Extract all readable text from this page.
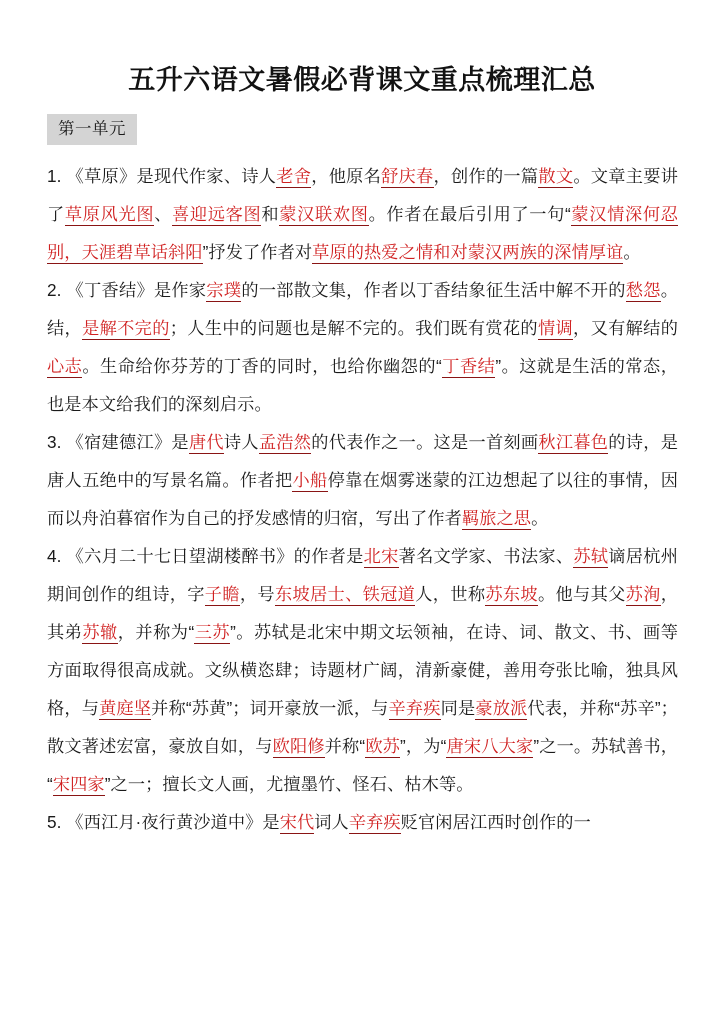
五升六语文暑假必背课文重点梳理汇总
第一单元

1. 《草原》是现代作家、诗人老舍，他原名舒庆春，创作的一篇散文。文章主要讲了草原风光图、喜迎远客图和蒙汉联欢图。作者在最后引用了一句“蒙汉情深何忍别，天涯碧草话斜阳”抒发了作者对草原的热爱之情和对蒙汉两族的深情厚谊。

2. 《丁香结》是作家宗璞的一部散文集，作者以丁香结象征生活中解不开的愁怨。结，是解不完的；人生中的问题也是解不完的。我们既有赏花的情调，又有解结的心志。生命给你芬芳的丁香的同时，也给你幽怨的“丁香结”。这就是生活的常态，也是本文给我们的深刻启示。

3. 《宿建德江》是唐代诗人孟浩然的代表作之一。这是一首刻画秋江暮色的诗，是唐人五绝中的写景名篇。作者把小船停靠在烟雾迷蒙的江边想起了以往的事情，因而以舟泊暮宿作为自己的抒发感情的归宿，写出了作者羁旅之思。

4. 《六月二十七日望湖楼醉书》的作者是北宋著名文学家、书法家、苏轼谪居杭州期间创作的组诗，字子瞻，号东坡居士、铁冠道人，世称苏东坡。他与其父苏洵，其弟苏辙，并称为“三苏”。苏轼是北宋中期文坛领袖，在诗、词、散文、书、画等方面取得很高成就。文纵横恣肆；诗题材广阔，清新豪健，善用夸张比喻，独具风格，与黄庭坚并称“苏黄”；词开豪放一派，与辛弃疾同是豪放派代表，并称“苏辛”；散文著述宏富，豪放自如，与欧阳修并称“欧苏”，为“唐宋八大家”之一。苏轼善书，“宋四家”之一；擅长文人画，尤擅墨竹、怪石、枯木等。

5. 《西江月·夜行黄沙道中》是宋代词人辛弃疾贬官闲居江西时创作的一
